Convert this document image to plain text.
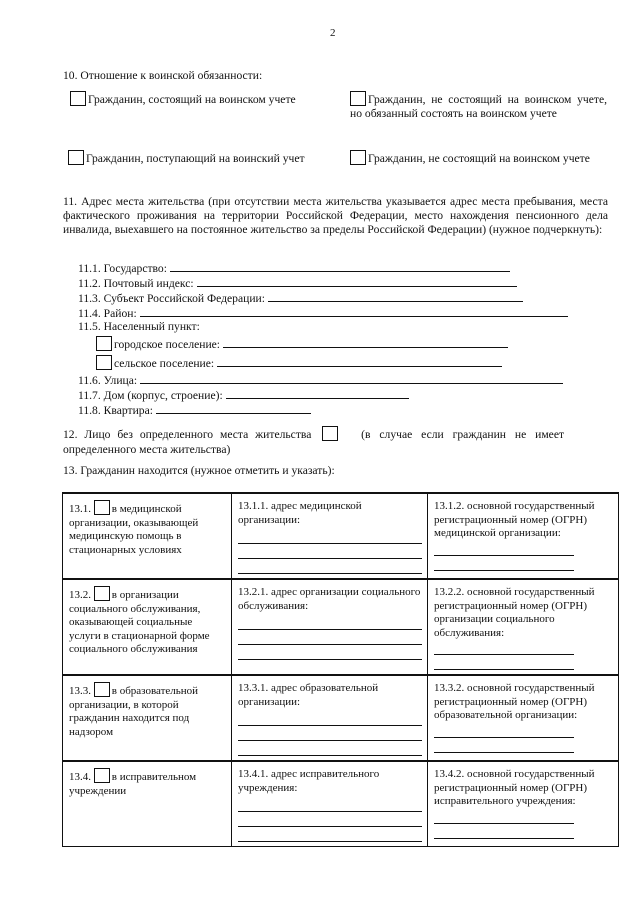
2
10. Отношение к воинской обязанности:
Гражданин, состоящий на воинском учете	Гражданин, не состоящий на воинском учете, но обязанный состоять на воинском учете
Гражданин, поступающий на воинский учет	Гражданин, не состоящий на воинском учете
11. Адрес места жительства (при отсутствии места жительства указывается адрес места пребывания, места фактического проживания на территории Российской Федерации, место нахождения пенсионного дела инвалида, выехавшего на постоянное жительство за пределы Российской Федерации) (нужное подчеркнуть):
11.1. Государство:
11.2. Почтовый индекс:
11.3. Субъект Российской Федерации:
11.4. Район:
11.5. Населенный пункт:
городское поселение:
сельское поселение:
11.6. Улица:
11.7. Дом (корпус, строение):
11.8. Квартира:
12. Лицо без определенного места жительства	(в случае если гражданин не имеет
определенного места жительства)
13. Гражданин находится (нужное отметить и указать):
13.1. в медицинской организации, оказывающей медицинскую помощь в стационарных условиях	13.1.1. адрес медицинской организации:	13.1.2. основной государственный регистрационный номер (ОГРН) медицинской организации:

13.2. в организации социального обслуживания, оказывающей социальные услуги в стационарной форме социального обслуживания	13.2.1. адрес организации социального обслуживания:	13.2.2. основной государственный регистрационный номер (ОГРН) организации социального обслуживания:

13.3. в образовательной организации, в которой гражданин находится под надзором	13.3.1. адрес образовательной организации:	13.3.2. основной государственный регистрационный номер (ОГРН) образовательной организации:

13.4. в исправительном учреждении	13.4.1. адрес исправительного учреждения:	13.4.2. основной государственный регистрационный номер (ОГРН) исправительного учреждения:
